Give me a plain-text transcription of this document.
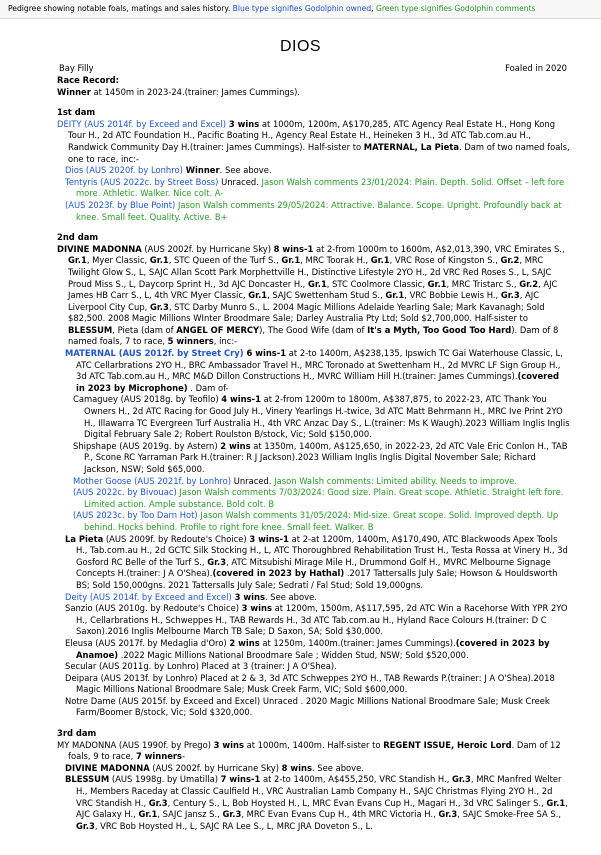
Pedigree showing notable foals, matings and sales history. Blue type signifies Godolphin owned, Green type signifies Godolphin comments
DIOS
Bay Filly	Foaled in 2020

Race Record:

Winner at 1450m in 2023-24.(trainer: James Cummings).

1st dam

DEITY (AUS 2014f. by Exceed and Excel) 3 wins at 1000m, 1200m, A$170,285, ATC Agency Real Estate H., Hong Kong Tour H., 2d ATC Foundation H., Pacific Boating H., Agency Real Estate H., Heineken 3 H., 3d ATC Tab.com.au H., Randwick Community Day H.(trainer: James Cummings). Half-sister to MATERNAL, La Pieta. Dam of two named foals, one to race, inc:-

Dios (AUS 2020f. by Lonhro) Winner. See above.

Tentyris (AUS 2022c. by Street Boss) Unraced. Jason Walsh comments 23/01/2024: Plain. Depth. Solid. Offset – left fore more. Athletic. Walker. Nice colt. A-

(AUS 2023f. by Blue Point) Jason Walsh comments 29/05/2024: Attractive. Balance. Scope. Upright. Profoundly back at knee. Small feet. Quality. Active. B+

2nd dam

DIVINE MADONNA (AUS 2002f. by Hurricane Sky) 8 wins-1 at 2-from 1000m to 1600m, A$2,013,390, VRC Emirates S., Gr.1, Myer Classic, Gr.1, STC Queen of the Turf S., Gr.1, MRC Toorak H., Gr.1, VRC Rose of Kingston S., Gr.2, MRC Twilight Glow S., L, SAJC Allan Scott Park Morphettville H., Distinctive Lifestyle 2YO H., 2d VRC Red Roses S., L, SAJC Proud Miss S., L, Daycorp Sprint H., 3d AJC Doncaster H., Gr.1, STC Coolmore Classic, Gr.1, MRC Tristarc S., Gr.2, AJC James HB Carr S., L, 4th VRC Myer Classic, Gr.1, SAJC Swettenham Stud S., Gr.1, VRC Bobbie Lewis H., Gr.3, AJC Liverpool City Cup, Gr.3, STC Darby Munro S., L. 2004 Magic Millions Adelaide Yearling Sale; Mark Kavanagh; Sold $82,500. 2008 Magic Millions WInter Broodmare Sale; Darley Australia Pty Ltd; Sold $2,700,000. Half-sister to BLESSUM, Pieta (dam of ANGEL OF MERCY), The Good Wife (dam of It's a Myth, Too Good Too Hard). Dam of 8 named foals, 7 to race, 5 winners, inc:-

MATERNAL (AUS 2012f. by Street Cry) 6 wins-1 at 2-to 1400m, A$238,135, Ipswich TC Gai Waterhouse Classic, L, ATC Cellarbrations 2YO H., BRC Ambassador Travel H., MRC Toronado at Swettenham H., 2d MVRC LF Sign Group H., 3d ATC Tab.com.au H., MRC M&D Dillon Constructions H., MVRC William Hill H.(trainer: James Cummings).(covered in 2023 by Microphone) . Dam of-

Camaguey (AUS 2018g. by Teofilo) 4 wins-1 at 2-from 1200m to 1800m, A$387,875, to 2022-23, ATC Thank You Owners H., 2d ATC Racing for Good July H., Vinery Yearlings H.-twice, 3d ATC Matt Behrmann H., MRC Ive Print 2YO H., Illawarra TC Evergreen Turf Australia H., 4th VRC Anzac Day S., L.(trainer: Ms K Waugh).2023 William Inglis Inglis Digital February Sale 2; Robert Roulston B/stock, Vic; Sold $150,000.

Shipshape (AUS 2019g. by Astern) 2 wins at 1350m, 1400m, A$125,650, in 2022-23, 2d ATC Vale Eric Conlon H., TAB P., Scone RC Yarraman Park H.(trainer: R J Jackson).2023 William Inglis Inglis Digital November Sale; Richard Jackson, NSW; Sold $65,000.

Mother Goose (AUS 2021f. by Lonhro) Unraced. Jason Walsh comments: Limited ability. Needs to improve.

(AUS 2022c. by Bivouac) Jason Walsh comments 7/03/2024: Good size. Plain. Great scope. Athletic. Straight left fore. Limited action. Ample substance. Bold colt. B

(AUS 2023c. by Too Darn Hot) Jason Walsh comments 31/05/2024: Mid-size. Great scope. Solid. Improved depth. Up behind. Hocks behind. Profile to right fore knee. Small feet. Walker. B

La Pieta (AUS 2009f. by Redoute's Choice) 3 wins-1 at 2-at 1200m, 1400m, A$170,490, ATC Blackwoods Apex Tools H., Tab.com.au H., 2d GCTC Silk Stocking H., L, ATC Thoroughbred Rehabilitation Trust H., Testa Rossa at Vinery H., 3d Gosford RC Belle of the Turf S., Gr.3, ATC Mitsubishi Mirage Mile H., Drummond Golf H., MVRC Melbourne Signage Concepts H.(trainer: J A O'Shea).(covered in 2023 by Hathal) .2017 Tattersalls July Sale; Howson & Houldsworth BS; Sold 150,000gns. 2021 Tattersalls July Sale; Sedrati / Fal Stud; Sold 19,000gns.

Deity (AUS 2014f. by Exceed and Excel) 3 wins. See above.

Sanzio (AUS 2010g. by Redoute's Choice) 3 wins at 1200m, 1500m, A$117,595, 2d ATC Win a Racehorse With YPR 2YO H., Cellarbrations H., Schweppes H., TAB Rewards H., 3d ATC Tab.com.au H., Hyland Race Colours H.(trainer: D C Saxon).2016 Inglis Melbourne March TB Sale; D Saxon, SA; Sold $30,000.

Eleusa (AUS 2017f. by Medaglia d'Oro) 2 wins at 1250m, 1400m.(trainer: James Cummings).(covered in 2023 by Anamoe) .2022 Magic Millions National Broodmare Sale ; Widden Stud, NSW; Sold $520,000.

Secular (AUS 2011g. by Lonhro) Placed at 3 (trainer: J A O'Shea).

Deipara (AUS 2013f. by Lonhro) Placed at 2 & 3, 3d ATC Schweppes 2YO H., TAB Rewards P.(trainer: J A O'Shea).2018 Magic Millions National Broodmare Sale; Musk Creek Farm, VIC; Sold $600,000.

Notre Dame (AUS 2015f. by Exceed and Excel) Unraced . 2020 Magic Millions National Broodmare Sale; Musk Creek Farm/Boomer B/stock, Vic; Sold $320,000.

3rd dam

MY MADONNA (AUS 1990f. by Prego) 3 wins at 1000m, 1400m. Half-sister to REGENT ISSUE, Heroic Lord. Dam of 12 foals, 9 to race, 7 winners-

DIVINE MADONNA (AUS 2002f. by Hurricane Sky) 8 wins. See above.

BLESSUM (AUS 1998g. by Umatilla) 7 wins-1 at 2-to 1400m, A$455,250, VRC Standish H., Gr.3, MRC Manfred Welter H., Members Raceday at Classic Caulfield H., VRC Australian Lamb Company H., SAJC Christmas Flying 2YO H., 2d VRC Standish H., Gr.3, Century S., L, Bob Hoysted H., L, MRC Evan Evans Cup H., Magari H., 3d VRC Salinger S., Gr.1, AJC Galaxy H., Gr.1, SAJC Jansz S., Gr.3, MRC Evan Evans Cup H., 4th MRC Victoria H., Gr.3, SAJC Smoke-Free SA S., Gr.3, VRC Bob Hoysted H., L, SAJC RA Lee S., L, MRC JRA Doveton S., L.
